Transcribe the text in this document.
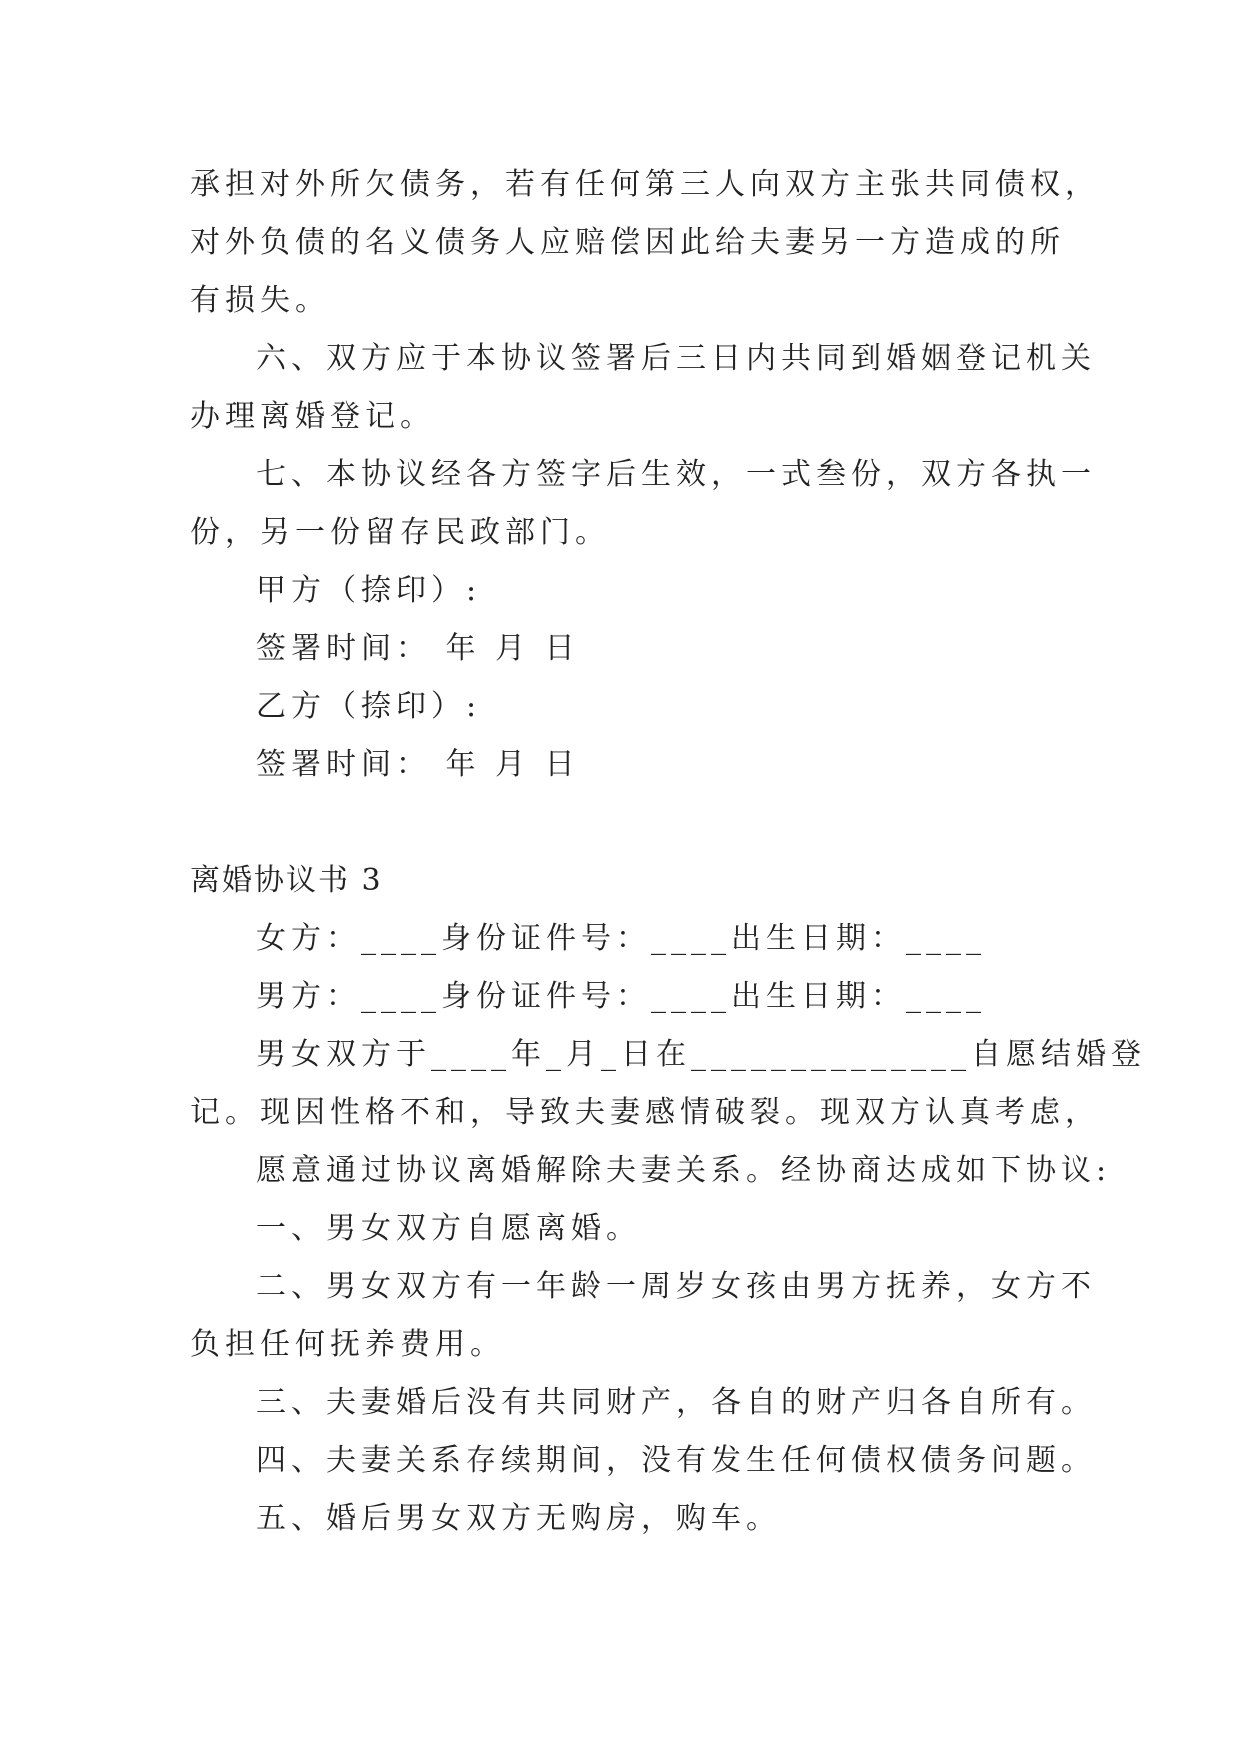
承担对外所欠债务，若有任何第三人向双方主张共同债权，
对外负债的名义债务人应赔偿因此给夫妻另一方造成的所
有损失。
六、双方应于本协议签署后三日内共同到婚姻登记机关
办理离婚登记。
七、本协议经各方签字后生效，一式叁份，双方各执一
份，另一份留存民政部门。
甲方（捺印）:
签署时间： 年 月 日
乙方（捺印）:
签署时间： 年 月 日
离婚协议书 3
女方：____身份证件号：____出生日期：____
男方：____身份证件号：____出生日期：____
男女双方于____年_月_日在______________自愿结婚登
记。现因性格不和，导致夫妻感情破裂。现双方认真考虑，
愿意通过协议离婚解除夫妻关系。经协商达成如下协议:
一、男女双方自愿离婚。
二、男女双方有一年龄一周岁女孩由男方抚养，女方不
负担任何抚养费用。
三、夫妻婚后没有共同财产，各自的财产归各自所有。
四、夫妻关系存续期间，没有发生任何债权债务问题。
五、婚后男女双方无购房，购车。
